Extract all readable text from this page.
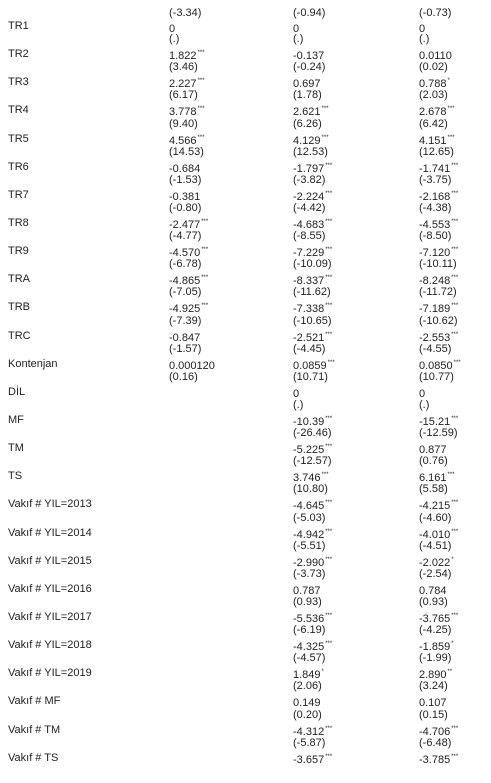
TR1
(-3.34)
0
(-0.94)
0
(-0.73)
0
TR2
(.)
1.822***
(.)
-0.137
(.)
0.0110
TR3
(3.46)
2.227***
(-0.24)
0.697
(0.02)
0.788*
TR4
(6.17)
3.778***
(1.78)
2.621***
(2.03)
2.678***
TR5
(9.40)
4.566***
(6.26)
4.129***
(6.42)
4.151***
TR6
(14.53)
-0.684
(12.53)
-1.797***
(12.65)
-1.741***
TR7
(-1.53)
-0.381
(-3.82)
-2.224***
(-3.75)
-2.168***
TR8
(-0.80)
-2.477***
(-4.42)
-4.683***
(-4.38)
-4.553***
TR9
(-4.77)
-4.570***
(-8.55)
-7.229***
(-8.50)
-7.120***
TRA
(-6.78)
-4.865***
(-10.09)
-8.337***
(-10.11)
-8.248***
TRB
(-7.05)
-4.925***
(-11.62)
-7.338***
(-11.72)
-7.189***
TRC
(-7.39)
-0.847
(-10.65)
-2.521***
(-10.62)
-2.553***
Kontenjan
(-1.57)
0.000120
(-4.45)
0.0859***
(-4.55)
0.0850***
DİL
(0.16)	(10.71)
0
(10.77)
0
MF
(.)
-10.39***
(.)
-15.21***
TM
(-26.46)
-5.225***
(-12.59)
0.877
TS
(-12.57)
3.746***
(0.76)
6.161***
Vakıf # YIL=2013
(10.80)
-4.645***
(5.58)
-4.215***
Vakıf # YIL=2014
(-5.03)
-4.942***
(-4.60)
-4.010***
Vakıf # YIL=2015
(-5.51)
-2.990***
(-4.51)
-2.022*
Vakıf # YIL=2016
(-3.73)
0.787
(-2.54)
0.784
Vakıf # YIL=2017
(0.93)
-5.536***
(0.93)
-3.765***
Vakıf # YIL=2018
(-6.19)
-4.325***
(-4.25)
-1.859*
Vakıf # YIL=2019
(-4.57)
1.849*
(-1.99)
2.890**
Vakıf # MF
(2.06)
0.149
(3.24)
0.107
Vakıf # TM
(0.20)
-4.312***
(0.15)
-4.706***
Vakıf # TS
(-5.87)
-3.657***
(-6.48)
-3.785***
